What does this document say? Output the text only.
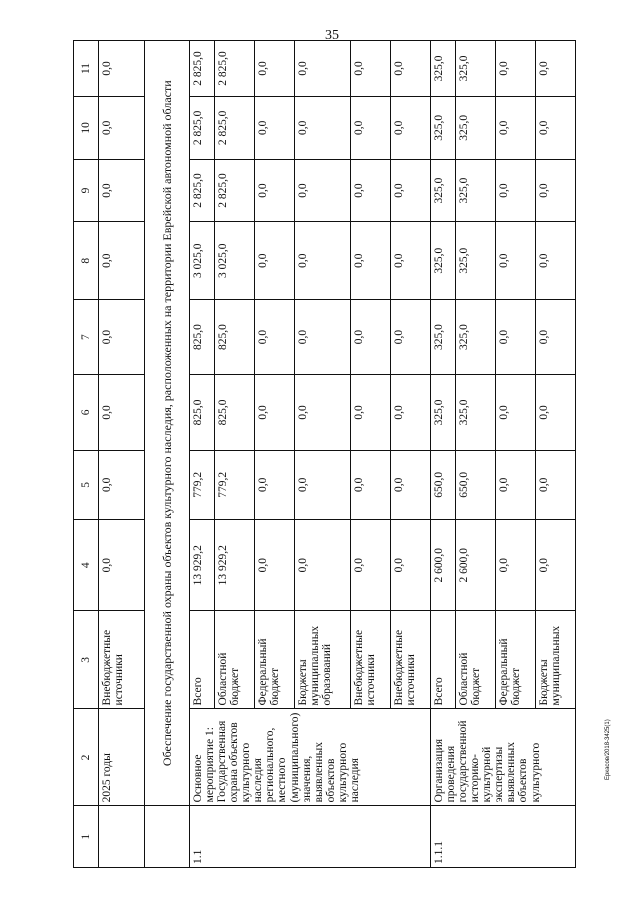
35
Еркасов/2018-3425(1)
1	2	3	4	5	6	7	8	9	10	11
	2025 годы	Внебюджетные источники	0,0	0,0	0,0	0,0	0,0	0,0	0,0	0,0
	Обеспечение государственной охраны объектов культурного наследия, расположенных на территории Еврейской автономной области									
1.1	Основное мероприятие 1: Государственная охрана объектов культурного наследия регионального, местного (муниципального) значения, выявленных объектов культурного наследия	Всего	13 929,2	779,2	825,0	825,0	3 025,0	2 825,0	2 825,0	2 825,0
		Областной бюджет	13 929,2	779,2	825,0	825,0	3 025,0	2 825,0	2 825,0	2 825,0
		Федеральный бюджет	0,0	0,0	0,0	0,0	0,0	0,0	0,0	0,0
		Бюджеты муниципальных образований	0,0	0,0	0,0	0,0	0,0	0,0	0,0	0,0
		Внебюджетные источники	0,0	0,0	0,0	0,0	0,0	0,0	0,0	0,0
		Внебюджетные источники	0,0	0,0	0,0	0,0	0,0	0,0	0,0	0,0
1.1.1	Организация проведения государственной историко-культурной экспертизы выявленных объектов культурного	Всего	2 600,0	650,0	325,0	325,0	325,0	325,0	325,0	325,0
		Областной бюджет	2 600,0	650,0	325,0	325,0	325,0	325,0	325,0	325,0
		Федеральный бюджет	0,0	0,0	0,0	0,0	0,0	0,0	0,0	0,0
		Бюджеты муниципальных	0,0	0,0	0,0	0,0	0,0	0,0	0,0	0,0
